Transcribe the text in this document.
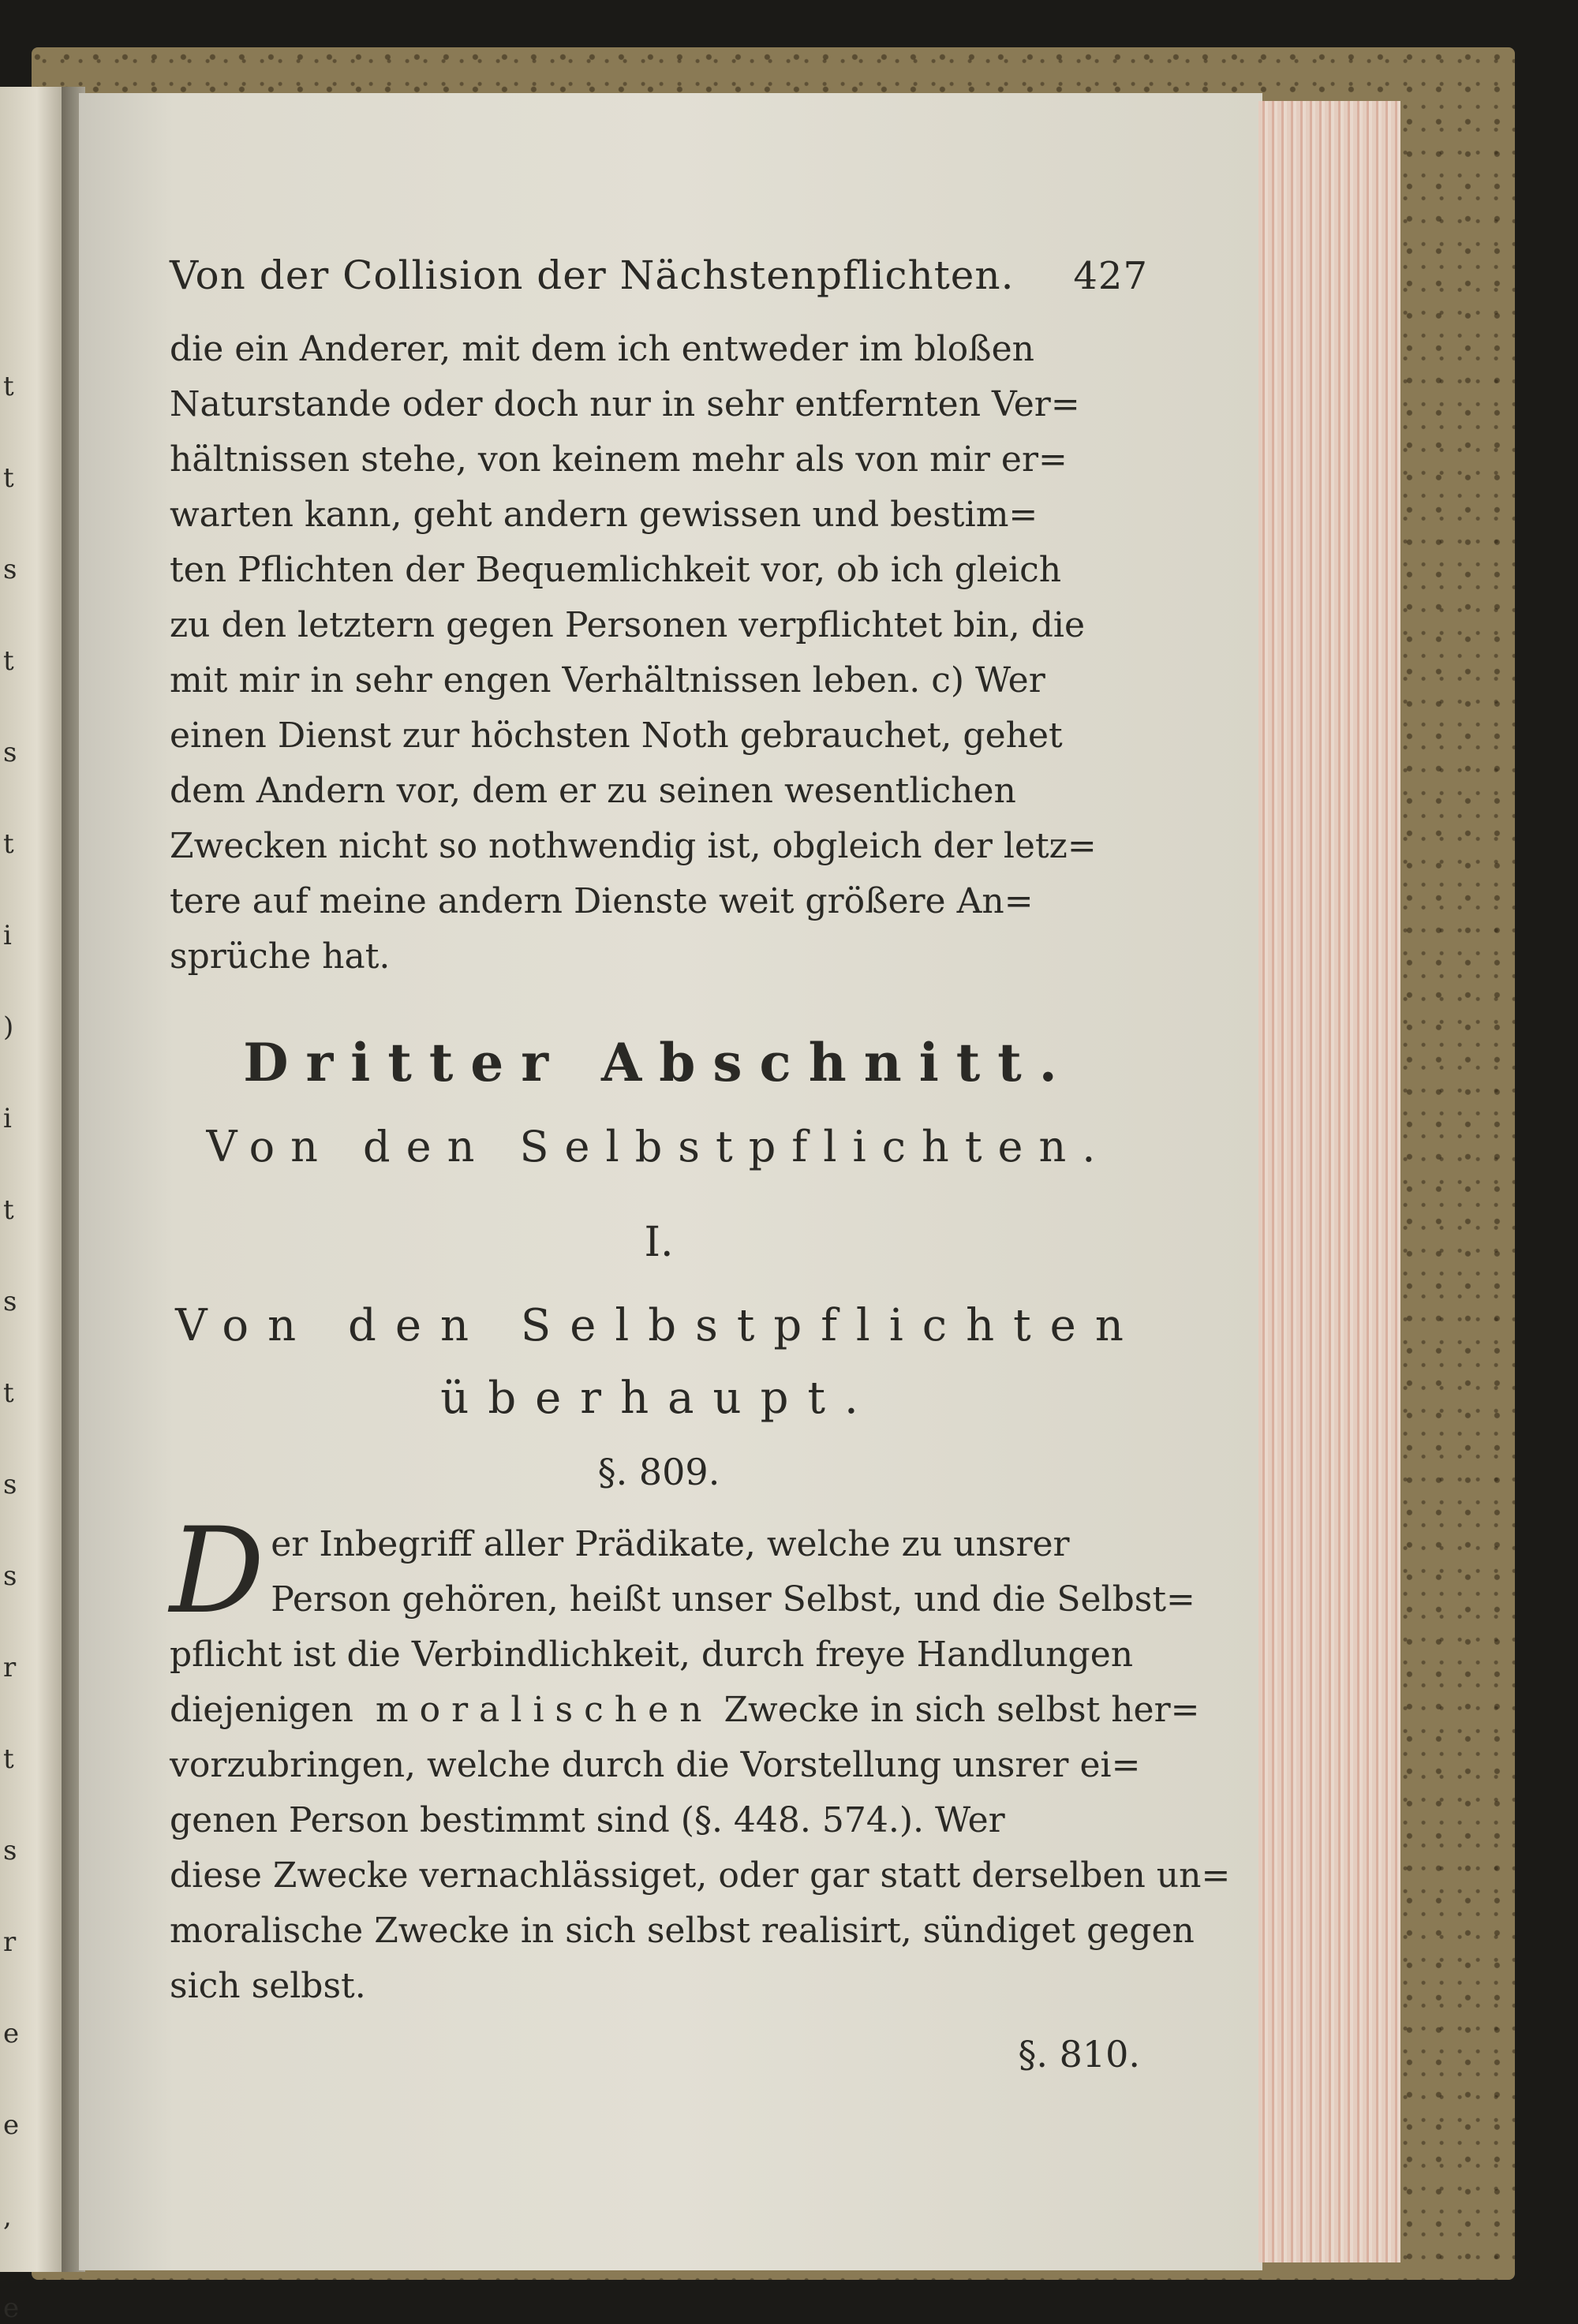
t
t
s
t
s
t
i
)
i
t
s
t
s
s
r
t
s
r
e
e
,
e
Von der Collision der Nächstenpflichten. 427
die ein Anderer, mit dem ich entweder im bloßen
Naturstande oder doch nur in sehr entfernten Ver=
hältnissen stehe, von keinem mehr als von mir er=
warten kann, geht andern gewissen und bestim=
ten Pflichten der Bequemlichkeit vor, ob ich gleich
zu den letztern gegen Personen verpflichtet bin, die
mit mir in sehr engen Verhältnissen leben. c) Wer
einen Dienst zur höchsten Noth gebrauchet, gehet
dem Andern vor, dem er zu seinen wesentlichen
Zwecken nicht so nothwendig ist, obgleich der letz=
tere auf meine andern Dienste weit größere An=
sprüche hat.
Dritter Abschnitt.
Von den Selbstpflichten.
I.
Von den Selbstpflichten
überhaupt.
§. 809.
D er Inbegriff aller Prädikate, welche zu unsrer
Person gehören, heißt unser Selbst, und die Selbst=
pflicht ist die Verbindlichkeit, durch freye Handlungen
diejenigen moralischen Zwecke in sich selbst her=
vorzubringen, welche durch die Vorstellung unsrer ei=
genen Person bestimmt sind (§. 448. 574.). Wer
diese Zwecke vernachlässiget, oder gar statt derselben un=
moralische Zwecke in sich selbst realisirt, sündiget gegen
sich selbst.
§. 810.
